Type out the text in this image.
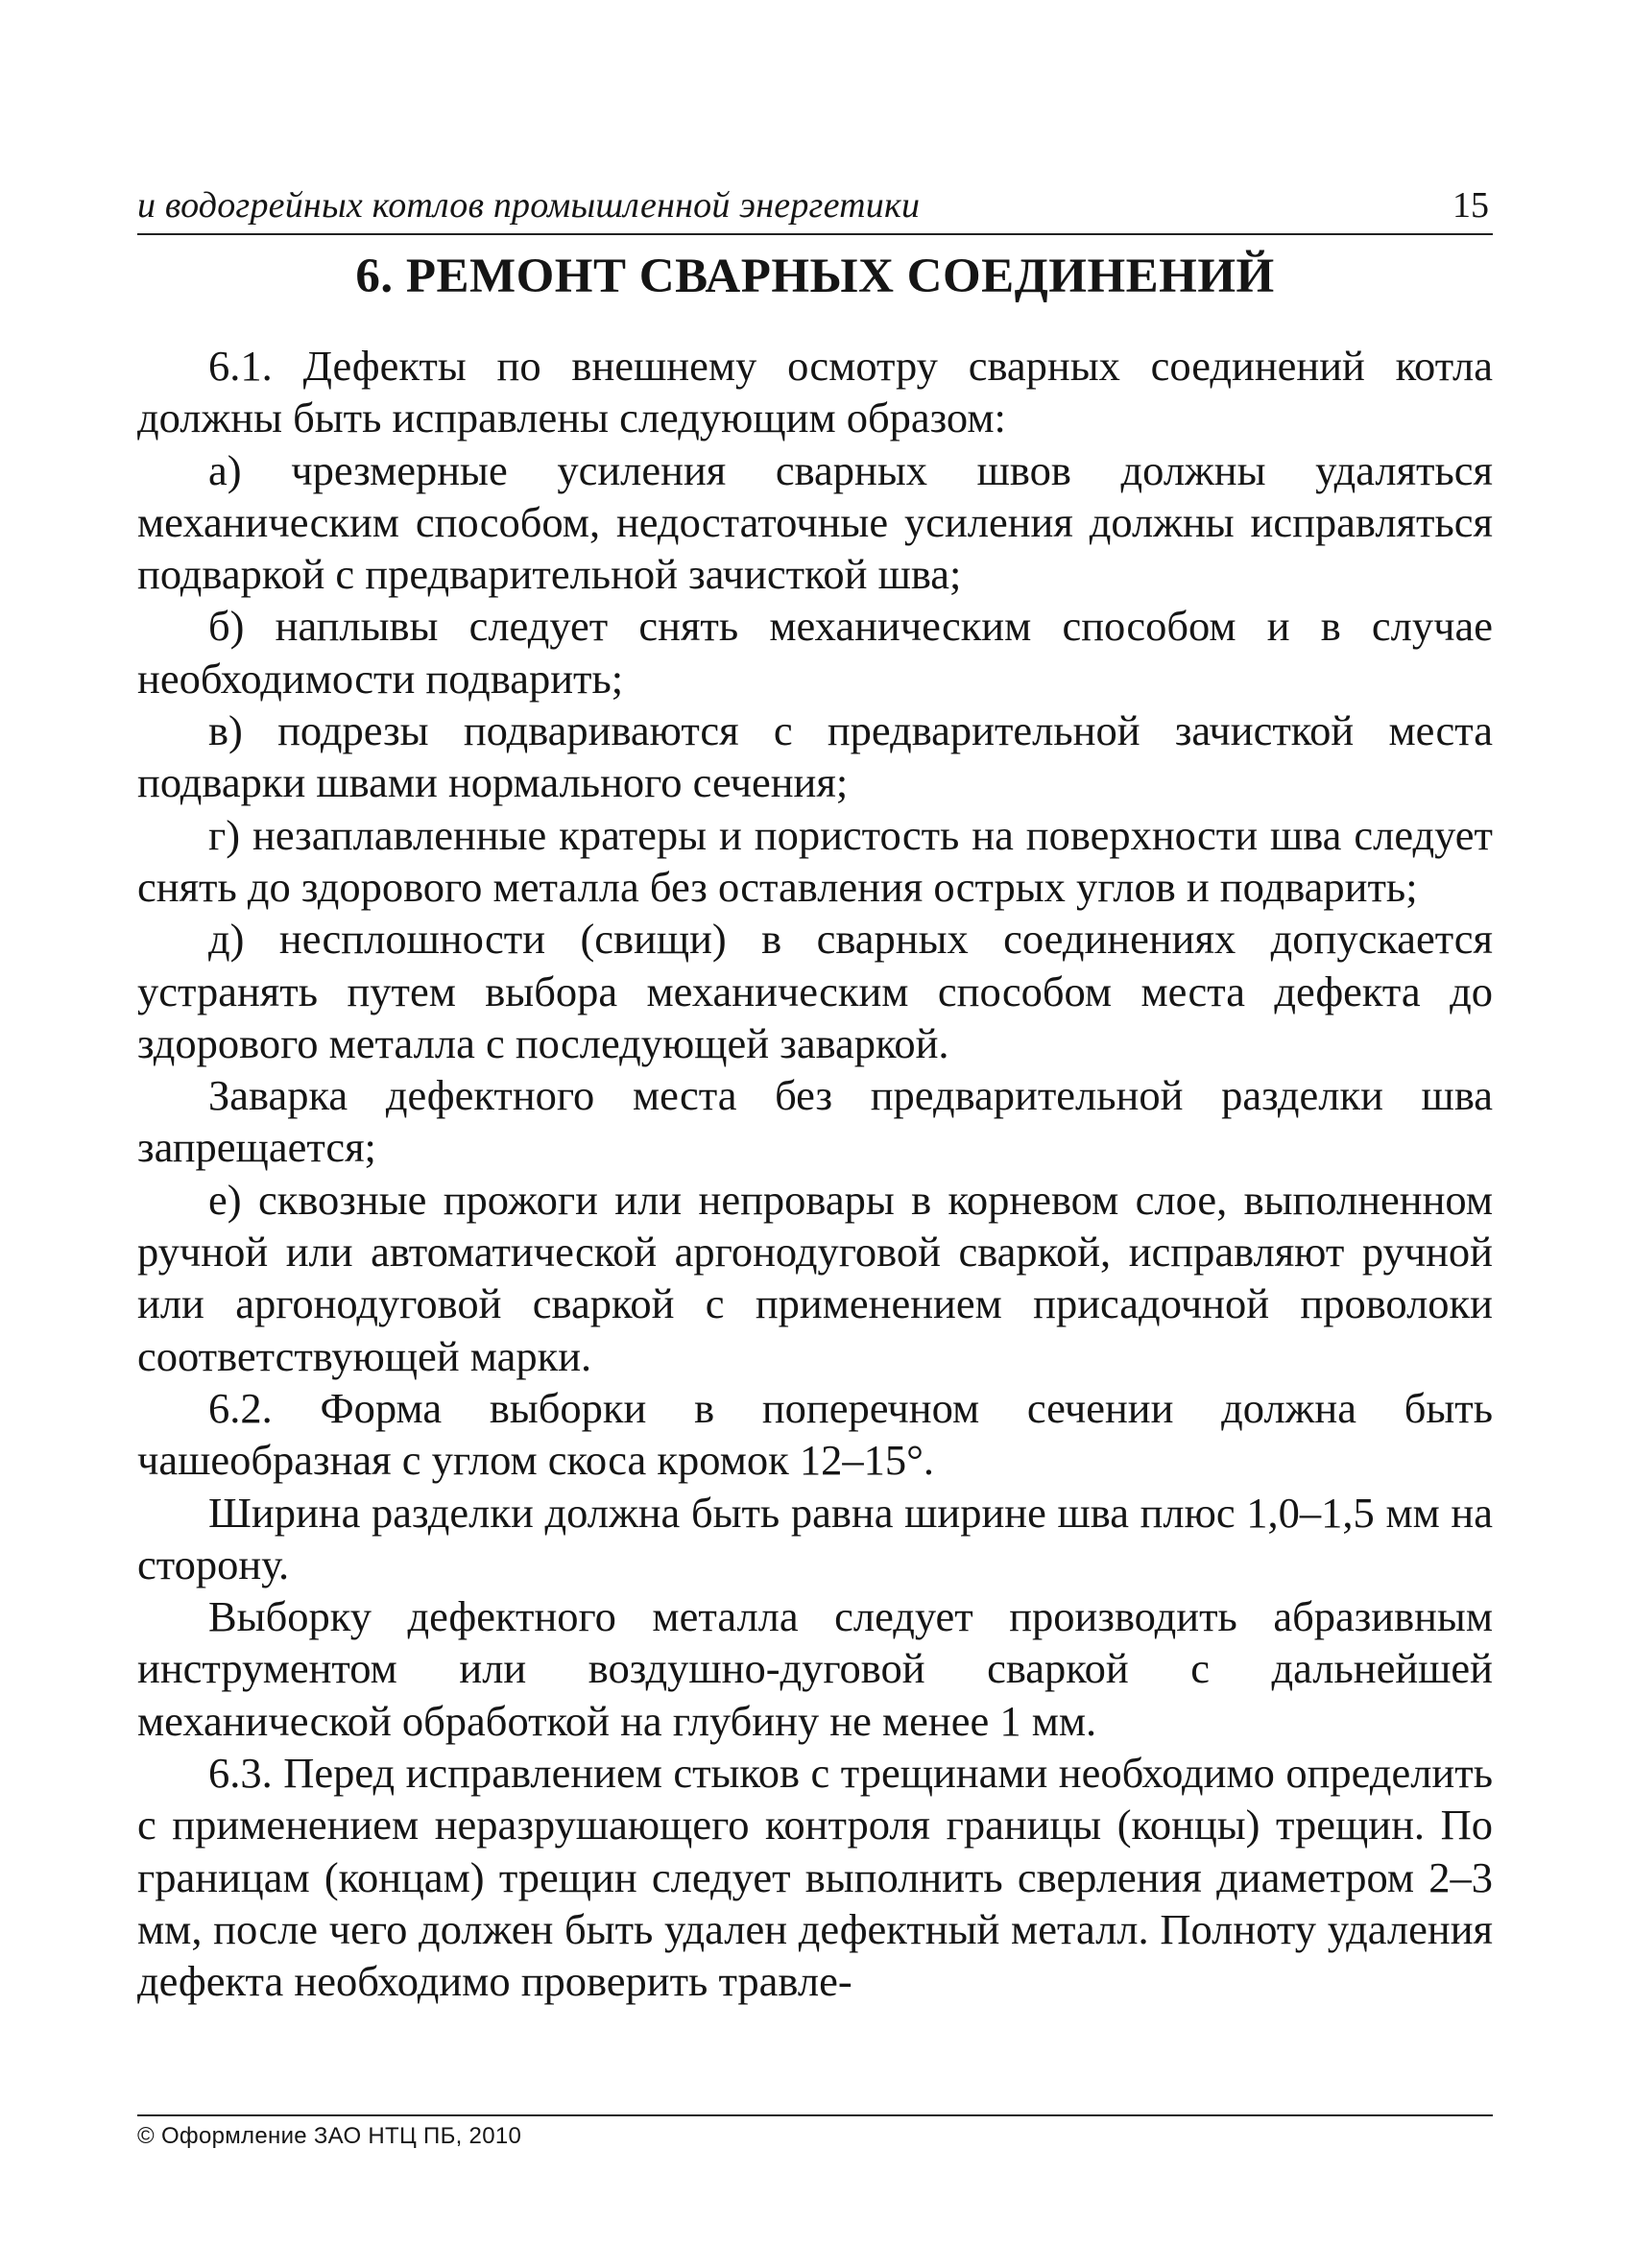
и водогрейных котлов промышленной энергетики	15
6. РЕМОНТ СВАРНЫХ СОЕДИНЕНИЙ

6.1. Дефекты по внешнему осмотру сварных соединений котла должны быть исправлены следующим образом:

а) чрезмерные усиления сварных швов должны удаляться механическим способом, недостаточные усиления должны исправляться подваркой с предварительной зачисткой шва;

б) наплывы следует снять механическим способом и в случае необходимости подварить;

в) подрезы подвариваются с предварительной зачисткой места подварки швами нормального сечения;

г) незаплавленные кратеры и пористость на поверхности шва следует снять до здорового металла без оставления острых углов и подварить;

д) несплошности (свищи) в сварных соединениях допускается устранять путем выбора механическим способом места дефекта до здорового металла с последующей заваркой.

Заварка дефектного места без предварительной разделки шва запрещается;

е) сквозные прожоги или непровары в корневом слое, выполненном ручной или автоматической аргонодуговой сваркой, исправляют ручной или аргонодуговой сваркой с применением присадочной проволоки соответствующей марки.

6.2. Форма выборки в поперечном сечении должна быть чашеобразная с углом скоса кромок 12–15°.

Ширина разделки должна быть равна ширине шва плюс 1,0–1,5 мм на сторону.

Выборку дефектного металла следует производить абразивным инструментом или воздушно-дуговой сваркой с дальнейшей механической обработкой на глубину не менее 1 мм.

6.3. Перед исправлением стыков с трещинами необходимо определить с применением неразрушающего контроля границы (концы) трещин. По границам (концам) трещин следует выполнить сверления диаметром 2–3 мм, после чего должен быть удален дефектный металл. Полноту удаления дефекта необходимо проверить травле-

© Оформление ЗАО НТЦ ПБ, 2010
